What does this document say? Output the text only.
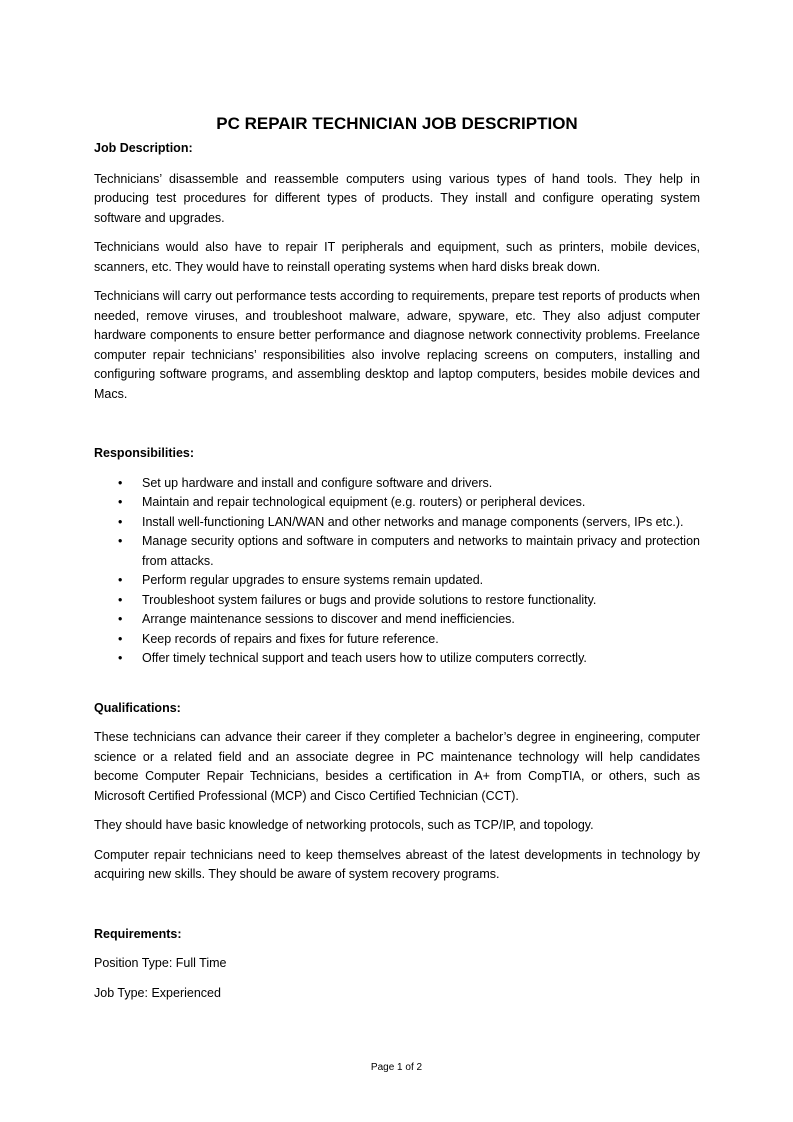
PC REPAIR TECHNICIAN JOB DESCRIPTION
Job Description:

Technicians’ disassemble and reassemble computers using various types of hand tools. They help in producing test procedures for different types of products. They install and configure operating system software and upgrades.

Technicians would also have to repair IT peripherals and equipment, such as printers, mobile devices, scanners, etc. They would have to reinstall operating systems when hard disks break down.

Technicians will carry out performance tests according to requirements, prepare test reports of products when needed, remove viruses, and troubleshoot malware, adware, spyware, etc. They also adjust computer hardware components to ensure better performance and diagnose network connectivity problems. Freelance computer repair technicians’ responsibilities also involve replacing screens on computers, installing and configuring software programs, and assembling desktop and laptop computers, besides mobile devices and Macs.

Responsibilities:
• Set up hardware and install and configure software and drivers.
• Maintain and repair technological equipment (e.g. routers) or peripheral devices.
• Install well-functioning LAN/WAN and other networks and manage components (servers, IPs etc.).
• Manage security options and software in computers and networks to maintain privacy and protection from attacks.
• Perform regular upgrades to ensure systems remain updated.
• Troubleshoot system failures or bugs and provide solutions to restore functionality.
• Arrange maintenance sessions to discover and mend inefficiencies.
• Keep records of repairs and fixes for future reference.
• Offer timely technical support and teach users how to utilize computers correctly.
Qualifications:

These technicians can advance their career if they completer a bachelor’s degree in engineering, computer science or a related field and an associate degree in PC maintenance technology will help candidates become Computer Repair Technicians, besides a certification in A+ from CompTIA, or others, such as Microsoft Certified Professional (MCP) and Cisco Certified Technician (CCT).

They should have basic knowledge of networking protocols, such as TCP/IP, and topology.

Computer repair technicians need to keep themselves abreast of the latest developments in technology by acquiring new skills. They should be aware of system recovery programs.

Requirements:
Position Type: Full Time
Job Type: Experienced
Page 1 of 2
